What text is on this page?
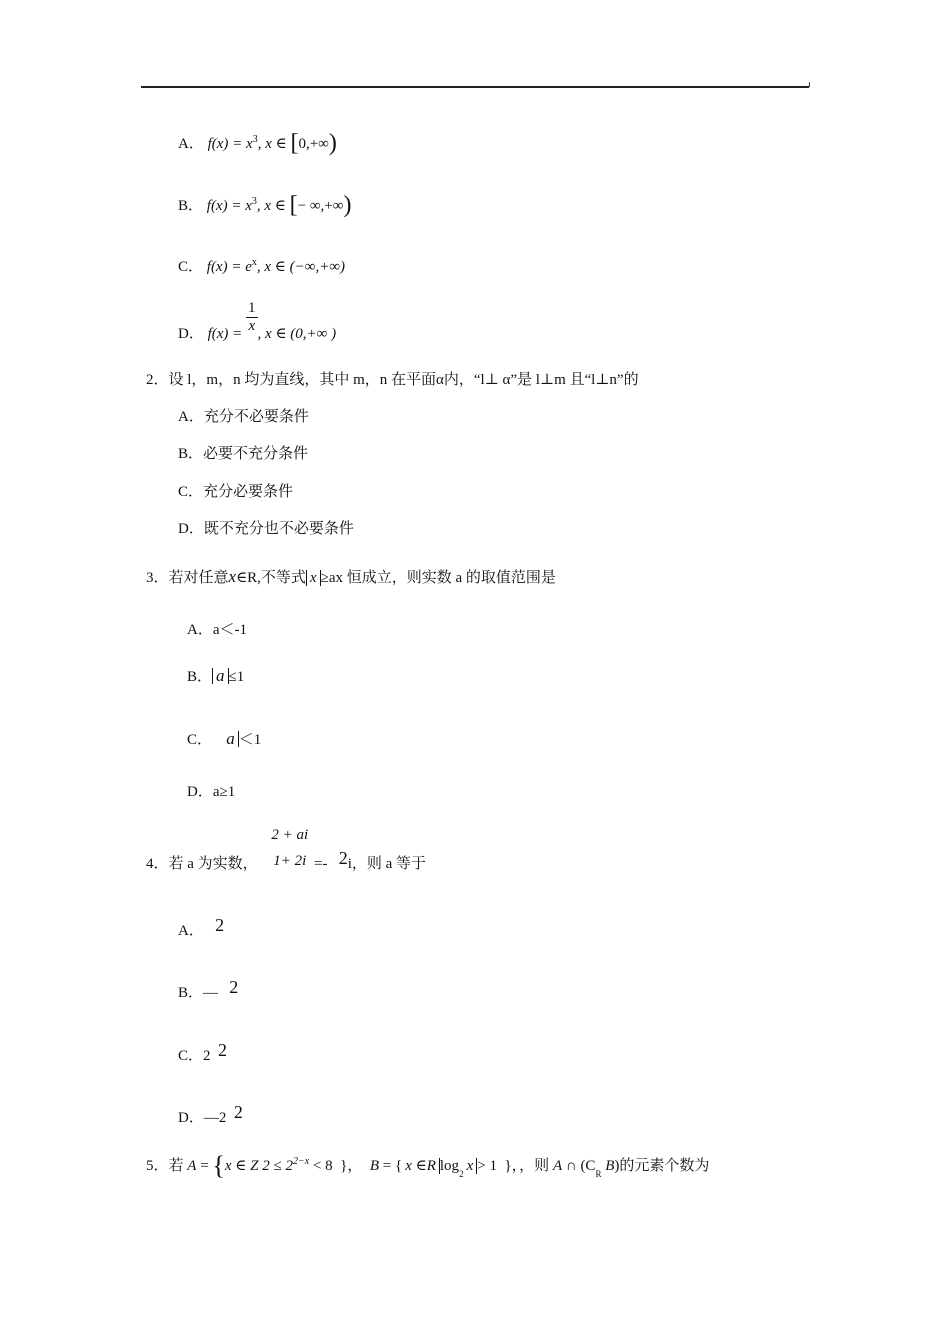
A． $f(x) = x^3$, x ∈ [0,+∞)
B． $f(x) = x^3$, x ∈ [− ∞,+∞)
C． $f(x) = e^x$, x ∈ (−∞,+∞)
D． $f(x) = \frac{1}{x}$ , x ∈ (0,+∞ )
2．设 l，m，n 均为直线，其中 m，n 在平面α内，“l⊥ α”是 l⊥m 且“l⊥n”的
A．充分不必要条件
B．必要不充分条件
C．充分必要条件
D．既不充分也不必要条件
3．若对任意x∈R,不等式 x ≥ax 恒成立，则实数 a 的取值范围是
A．a＜-1
B． a ≤1
C． a ＜1
D．a≥1
4．若 a 为实数，
2 + ai
1+ 2i =- 2i，则 a 等于
A． 2
B．— 2
C．2 2
D．—2 2
5．若 A = {x ∈ Z $2 \le 2^{2-x} < 8$ }， B = { x ∈R $\log_2 x > 1$ }，，则 A ∩ ($C_R$ B)的元素个数为
